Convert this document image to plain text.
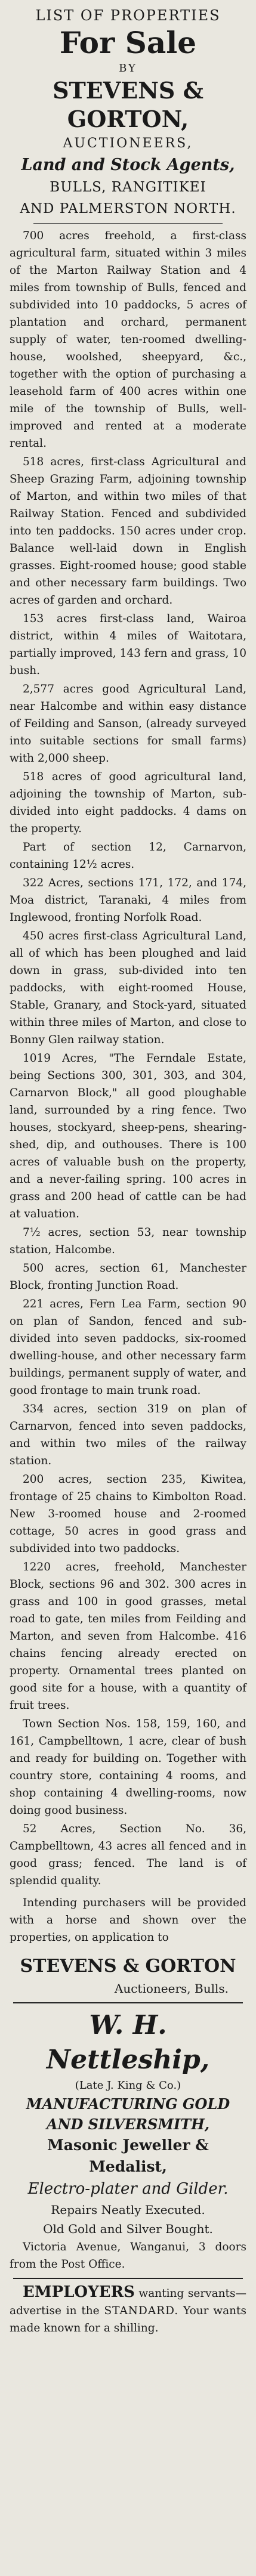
LIST OF PROPERTIES
For Sale
BY
STEVENS & GORTON,
AUCTIONEERS,
Land and Stock Agents,
BULLS, RANGITIKEI
AND PALMERSTON NORTH.

700 acres freehold, a first-class agricultural farm, situated within 3 miles of the Marton Railway Station and 4 miles from township of Bulls, fenced and subdivided into 10 paddocks, 5 acres of plantation and orchard, permanent supply of water, ten-roomed dwelling-house, woolshed, sheepyard, &c., together with the option of purchasing a leasehold farm of 400 acres within one mile of the township of Bulls, well-improved and rented at a moderate rental.

518 acres, first-class Agricultural and Sheep Grazing Farm, adjoining township of Marton, and within two miles of that Railway Station. Fenced and subdivided into ten paddocks. 150 acres under crop. Balance well-laid down in English grasses. Eight-roomed house; good stable and other necessary farm buildings. Two acres of garden and orchard.

153 acres first-class land, Wairoa district, within 4 miles of Waitotara, partially improved, 143 fern and grass, 10 bush.

2,577 acres good Agricultural Land, near Halcombe and within easy distance of Feilding and Sanson, (already surveyed into suitable sections for small farms) with 2,000 sheep.

518 acres of good agricultural land, adjoining the township of Marton, sub-divided into eight paddocks. 4 dams on the property.

Part of section 12, Carnarvon, containing 12½ acres.

322 Acres, sections 171, 172, and 174, Moa district, Taranaki, 4 miles from Inglewood, fronting Norfolk Road.

450 acres first-class Agricultural Land, all of which has been ploughed and laid down in grass, sub-divided into ten paddocks, with eight-roomed House, Stable, Granary, and Stock-yard, situated within three miles of Marton, and close to Bonny Glen railway station.

1019 Acres, "The Ferndale Estate, being Sections 300, 301, 303, and 304, Carnarvon Block," all good ploughable land, surrounded by a ring fence. Two houses, stockyard, sheep-pens, shearing-shed, dip, and outhouses. There is 100 acres of valuable bush on the property, and a never-failing spring. 100 acres in grass and 200 head of cattle can be had at valuation.

7½ acres, section 53, near township station, Halcombe.

500 acres, section 61, Manchester Block, fronting Junction Road.

221 acres, Fern Lea Farm, section 90 on plan of Sandon, fenced and sub-divided into seven paddocks, six-roomed dwelling-house, and other necessary farm buildings, permanent supply of water, and good frontage to main trunk road.

334 acres, section 319 on plan of Carnarvon, fenced into seven paddocks, and within two miles of the railway station.

200 acres, section 235, Kiwitea, frontage of 25 chains to Kimbolton Road. New 3-roomed house and 2-roomed cottage, 50 acres in good grass and subdivided into two paddocks.

1220 acres, freehold, Manchester Block, sections 96 and 302. 300 acres in grass and 100 in good grasses, metal road to gate, ten miles from Feilding and Marton, and seven from Halcombe. 416 chains fencing already erected on property. Ornamental trees planted on good site for a house, with a quantity of fruit trees.

Town Section Nos. 158, 159, 160, and 161, Campbelltown, 1 acre, clear of bush and ready for building on. Together with country store, containing 4 rooms, and shop containing 4 dwelling-rooms, now doing good business.

52 Acres, Section No. 36, Campbelltown, 43 acres all fenced and in good grass; fenced. The land is of splendid quality.

Intending purchasers will be provided with a horse and shown over the properties, on application to
STEVENS & GORTON
Auctioneers, Bulls.
W. H. Nettleship,
(Late J. King & Co.)
MANUFACTURING GOLD AND SILVERSMITH,
Masonic Jeweller & Medalist,
Electro-plater and Gilder.
Repairs Neatly Executed.
Old Gold and Silver Bought.
Victoria Avenue, Wanganui, 3 doors from the Post Office.
EMPLOYERS wanting servants— advertise in the STANDARD. Your wants made known for a shilling.
